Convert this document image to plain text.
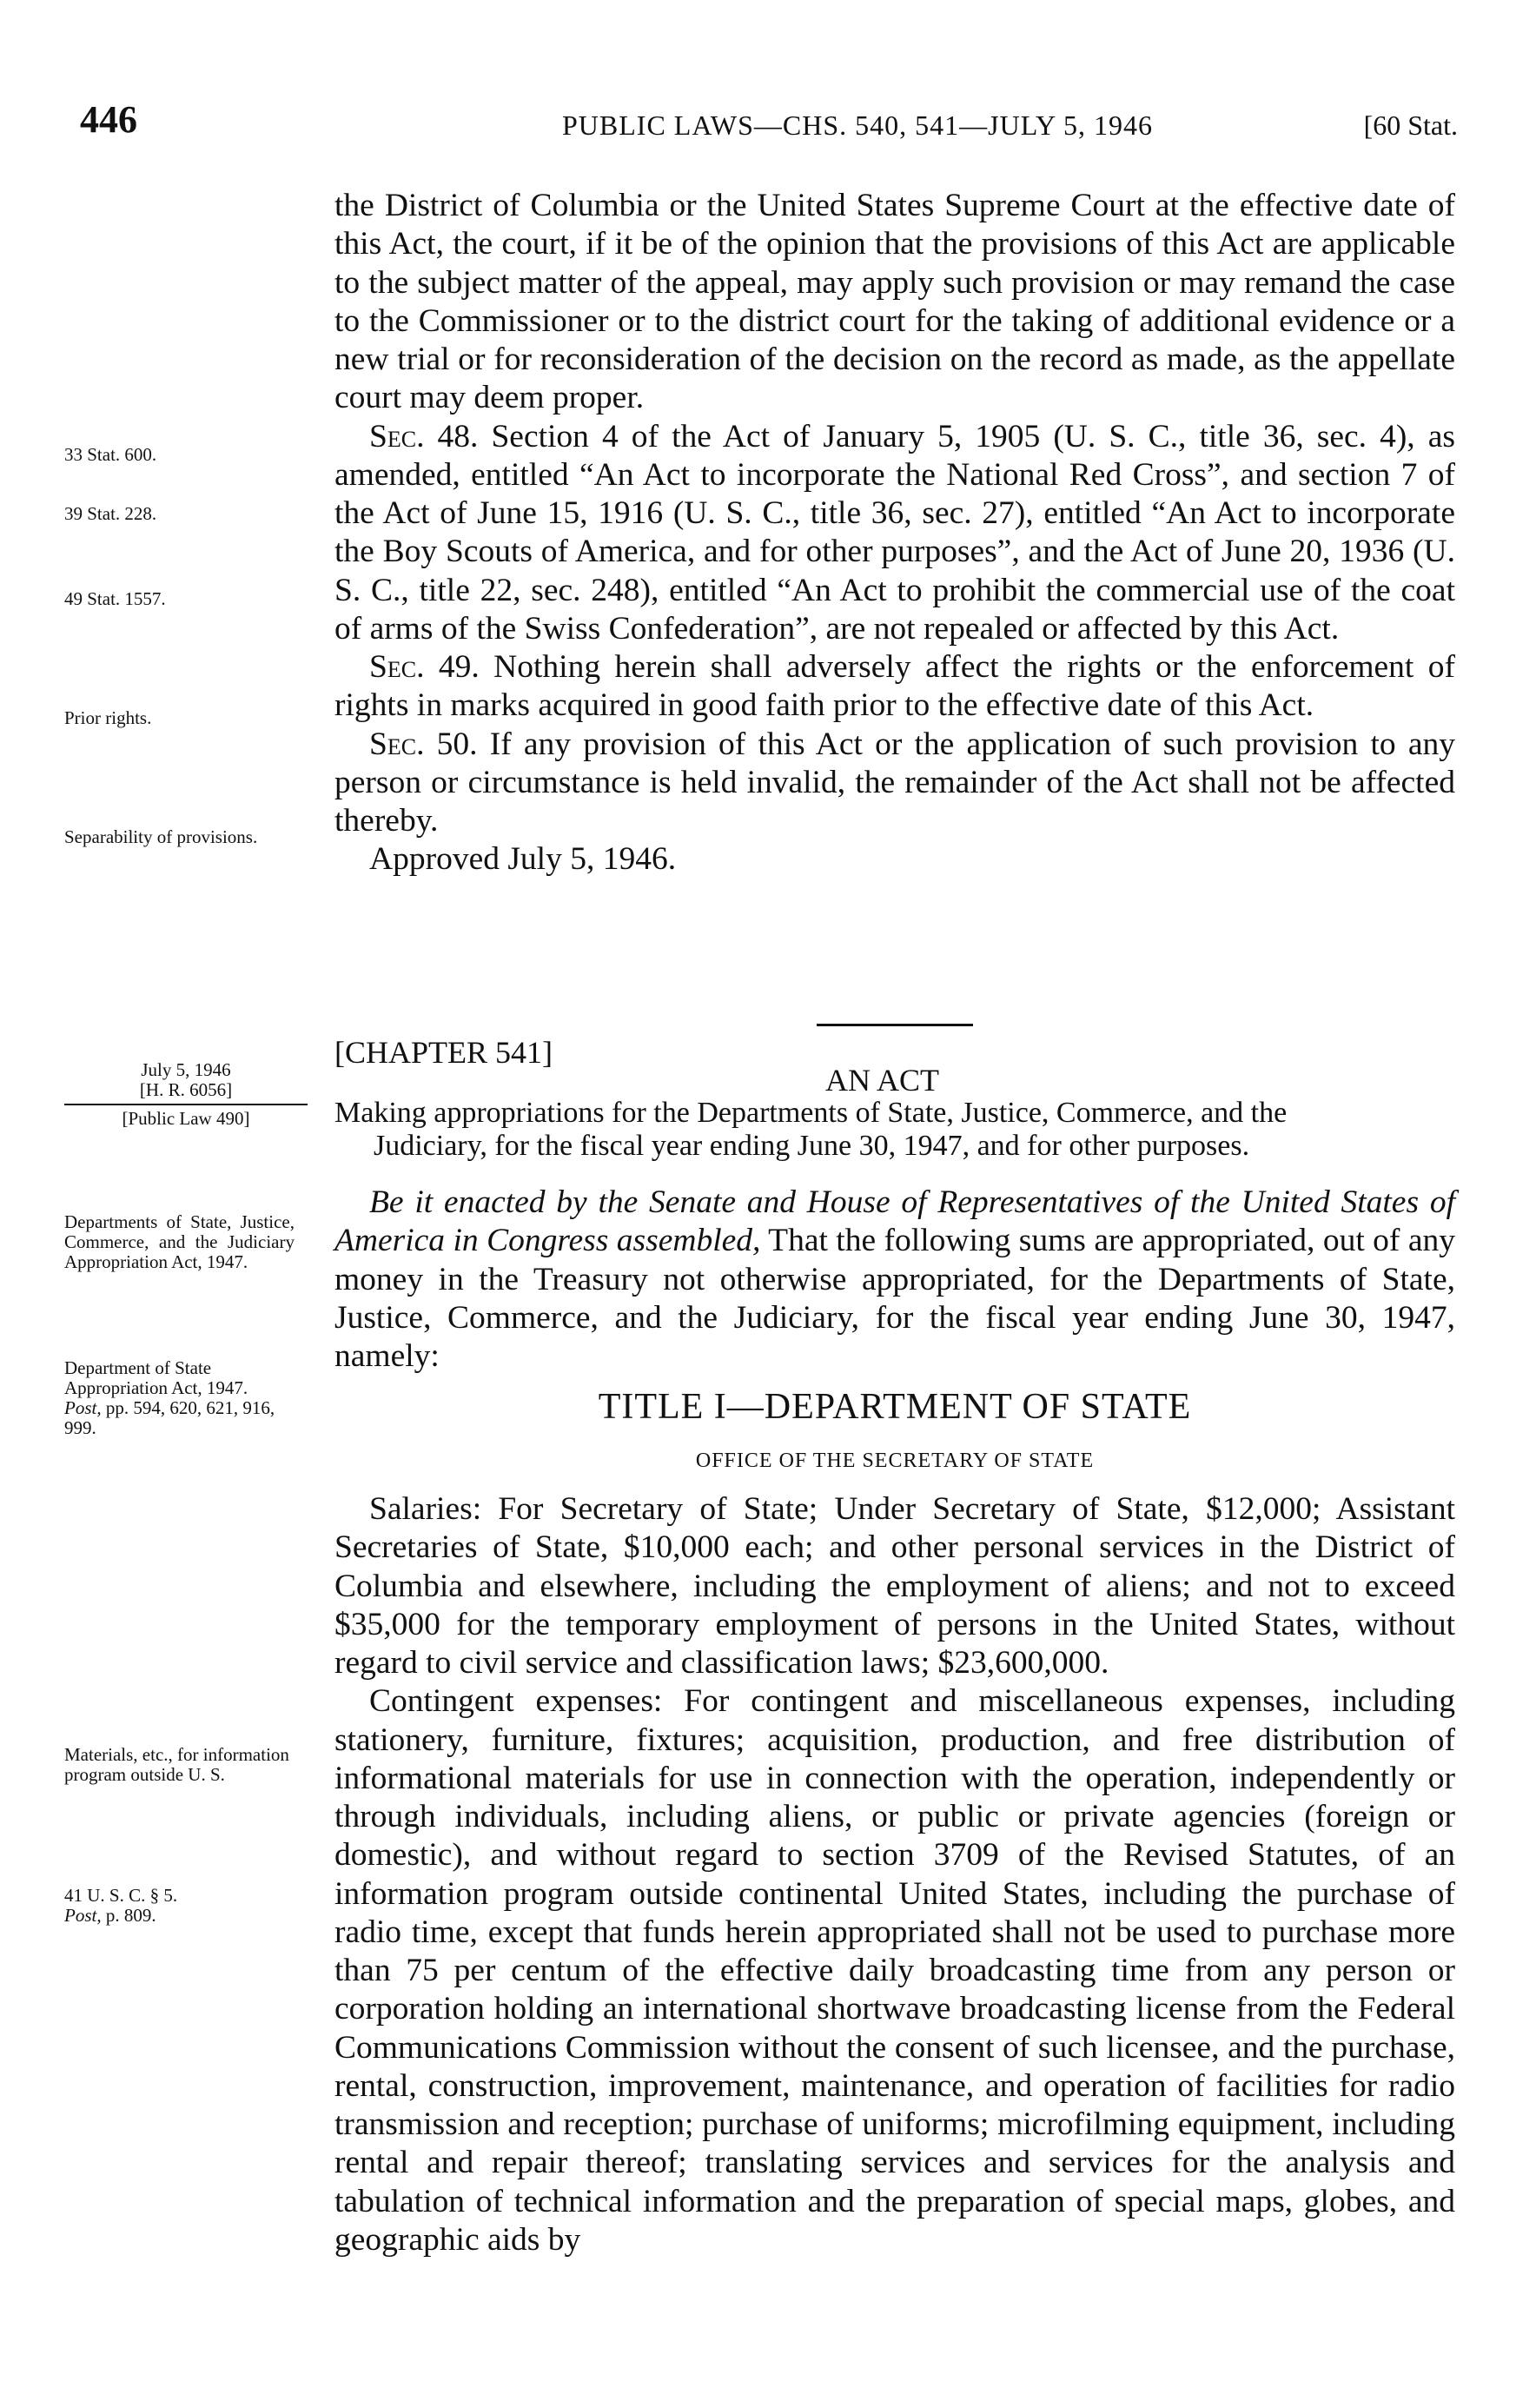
446	PUBLIC LAWS—CHS. 540, 541—JULY 5, 1946	[60 Stat.

the District of Columbia or the United States Supreme Court at the effective date of this Act, the court, if it be of the opinion that the provisions of this Act are applicable to the subject matter of the appeal, may apply such provision or may remand the case to the Commissioner or to the district court for the taking of additional evidence or a new trial or for reconsideration of the decision on the record as made, as the appellate court may deem proper.

Sec. 48. Section 4 of the Act of January 5, 1905 (U. S. C., title 36, sec. 4), as amended, entitled “An Act to incorporate the National Red Cross”, and section 7 of the Act of June 15, 1916 (U. S. C., title 36, sec. 27), entitled “An Act to incorporate the Boy Scouts of America, and for other purposes”, and the Act of June 20, 1936 (U. S. C., title 22, sec. 248), entitled “An Act to prohibit the commercial use of the coat of arms of the Swiss Confederation”, are not repealed or affected by this Act.

Sec. 49. Nothing herein shall adversely affect the rights or the enforcement of rights in marks acquired in good faith prior to the effective date of this Act.

Sec. 50. If any provision of this Act or the application of such provision to any person or circumstance is held invalid, the remainder of the Act shall not be affected thereby.

Approved July 5, 1946.

[CHAPTER 541]
AN ACT
Making appropriations for the Departments of State, Justice, Commerce, and the
Judiciary, for the fiscal year ending June 30, 1947, and for other purposes.

Be it enacted by the Senate and House of Representatives of the United States of America in Congress assembled, That the following sums are appropriated, out of any money in the Treasury not otherwise appropriated, for the Departments of State, Justice, Commerce, and the Judiciary, for the fiscal year ending June 30, 1947, namely:

TITLE I—DEPARTMENT OF STATE
OFFICE OF THE SECRETARY OF STATE

Salaries: For Secretary of State; Under Secretary of State, $12,000; Assistant Secretaries of State, $10,000 each; and other personal services in the District of Columbia and elsewhere, including the employment of aliens; and not to exceed $35,000 for the temporary employment of persons in the United States, without regard to civil service and classification laws; $23,600,000.

Contingent expenses: For contingent and miscellaneous expenses, including stationery, furniture, fixtures; acquisition, production, and free distribution of informational materials for use in connection with the operation, independently or through individuals, including aliens, or public or private agencies (foreign or domestic), and without regard to section 3709 of the Revised Statutes, of an information program outside continental United States, including the purchase of radio time, except that funds herein appropriated shall not be used to purchase more than 75 per centum of the effective daily broadcasting time from any person or corporation holding an international shortwave broadcasting license from the Federal Communications Commission without the consent of such licensee, and the purchase, rental, construction, improvement, maintenance, and operation of facilities for radio transmission and reception; purchase of uniforms; microfilming equipment, including rental and repair thereof; translating services and services for the analysis and tabulation of technical information and the preparation of special maps, globes, and geographic aids by

33 Stat. 600.
39 Stat. 228.
49 Stat. 1557.
Prior rights.
Separability of provisions.
July 5, 1946
[H. R. 6056]
[Public Law 490]
Departments of State, Justice, Commerce, and the Judiciary Appropriation Act, 1947.
Department of State Appropriation Act, 1947.
Post, pp. 594, 620, 621, 916, 999.
Materials, etc., for information program outside U. S.
41 U. S. C. § 5.
Post, p. 809.
